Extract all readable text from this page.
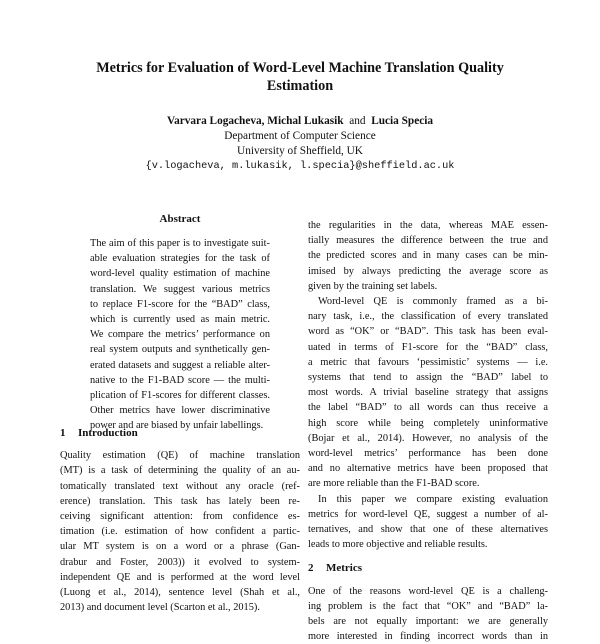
Metrics for Evaluation of Word-Level Machine Translation Quality
Estimation
Varvara Logacheva, Michal Lukasik and Lucia Specia
Department of Computer Science
University of Sheffield, UK
{v.logacheva, m.lukasik, l.specia}@sheffield.ac.uk
Abstract
The aim of this paper is to investigate suit-
able evaluation strategies for the task of
word-level quality estimation of machine
translation. We suggest various metrics
to replace F1-score for the “BAD” class,
which is currently used as main metric.
We compare the metrics’ performance on
real system outputs and synthetically gen-
erated datasets and suggest a reliable alter-
native to the F1-BAD score — the multi-
plication of F1-scores for different classes.
Other metrics have lower discriminative
power and are biased by unfair labellings.
1 Introduction
Quality estimation (QE) of machine translation
(MT) is a task of determining the quality of an au-
tomatically translated text without any oracle (ref-
erence) translation. This task has lately been re-
ceiving significant attention: from confidence es-
timation (i.e. estimation of how confident a partic-
ular MT system is on a word or a phrase (Gan-
drabur and Foster, 2003)) it evolved to system-
independent QE and is performed at the word level
(Luong et al., 2014), sentence level (Shah et al.,
2013) and document level (Scarton et al., 2015).
the regularities in the data, whereas MAE essen-
tially measures the difference between the true and
the predicted scores and in many cases can be min-
imised by always predicting the average score as
given by the training set labels.
Word-level QE is commonly framed as a bi-
nary task, i.e., the classification of every translated
word as “OK” or “BAD”. This task has been eval-
uated in terms of F1-score for the “BAD” class,
a metric that favours ‘pessimistic’ systems — i.e.
systems that tend to assign the “BAD” label to
most words. A trivial baseline strategy that assigns
the label “BAD” to all words can thus receive a
high score while being completely uninformative
(Bojar et al., 2014). However, no analysis of the
word-level metrics’ performance has been done
and no alternative metrics have been proposed that
are more reliable than the F1-BAD score.
In this paper we compare existing evaluation
metrics for word-level QE, suggest a number of al-
ternatives, and show that one of these alternatives
leads to more objective and reliable results.
2 Metrics
One of the reasons word-level QE is a challeng-
ing problem is the fact that “OK” and “BAD” la-
bels are not equally important: we are generally
more interested in finding incorrect words than in
